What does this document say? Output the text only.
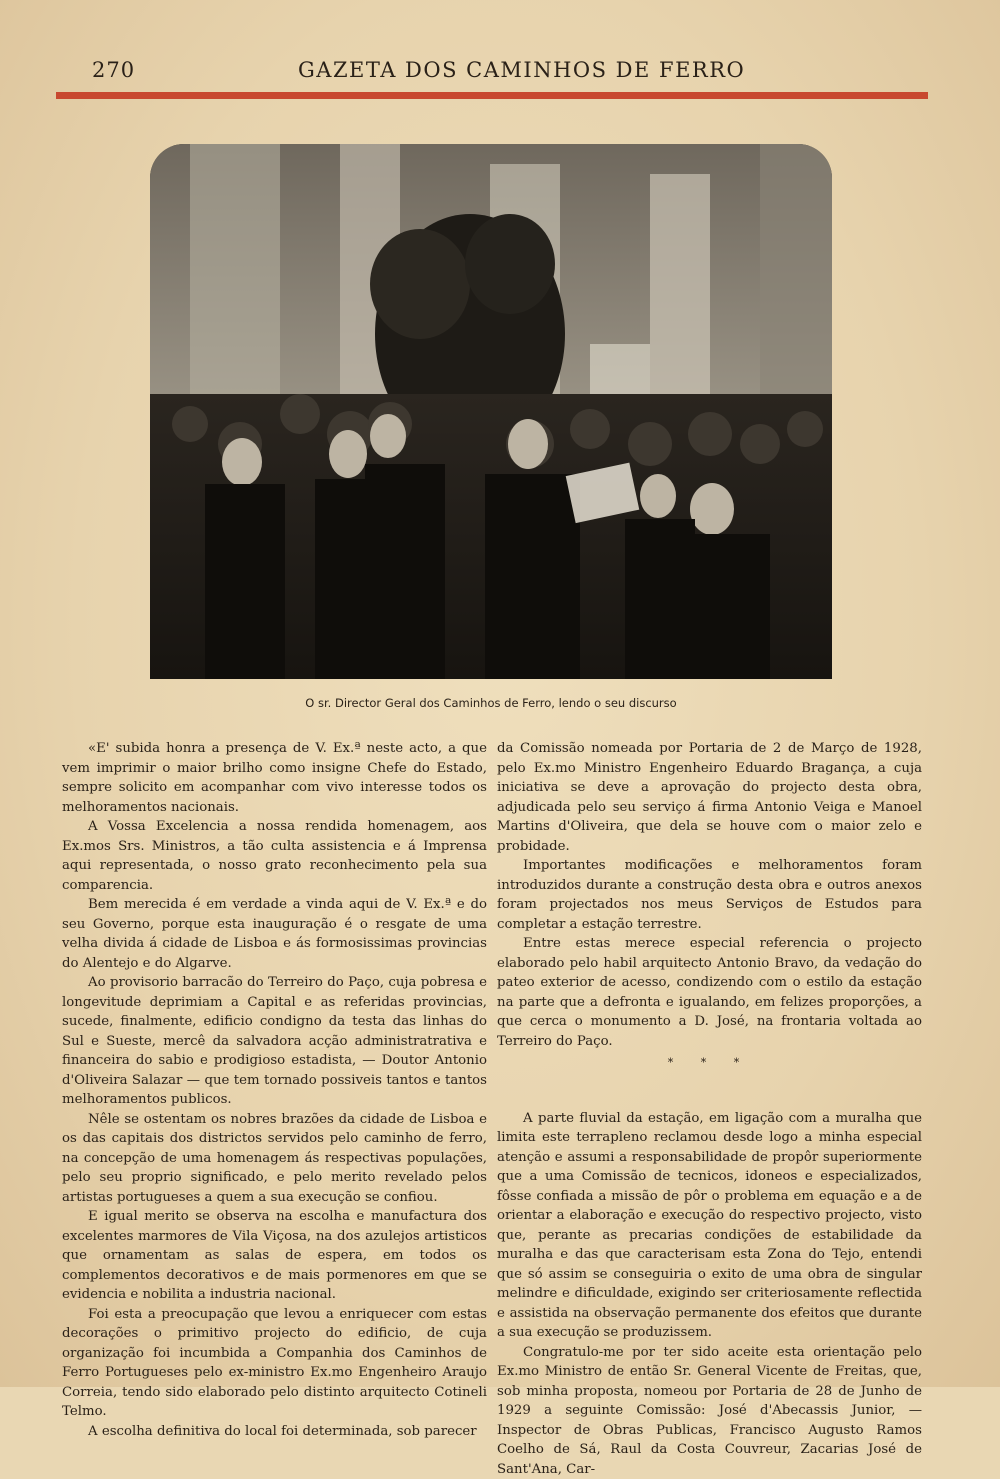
270	GAZETA DOS CAMINHOS DE FERRO
O sr. Director Geral dos Caminhos de Ferro, lendo o seu discurso

«E' subida honra a presença de V. Ex.ª neste acto, a que vem imprimir o maior brilho como insigne Chefe do Estado, sempre solicito em acompanhar com vivo interesse todos os melhoramentos nacionais.

A Vossa Excelencia a nossa rendida homenagem, aos Ex.mos Srs. Ministros, a tão culta assistencia e á Imprensa aqui representada, o nosso grato reconhecimento pela sua comparencia.

Bem merecida é em verdade a vinda aqui de V. Ex.ª e do seu Governo, porque esta inauguração é o resgate de uma velha divida á cidade de Lisboa e ás formosissimas provincias do Alentejo e do Algarve.

Ao provisorio barracão do Terreiro do Paço, cuja pobresa e longevitude deprimiam a Capital e as referidas provincias, sucede, finalmente, edificio condigno da testa das linhas do Sul e Sueste, mercê da salvadora acção administratrativa e financeira do sabio e prodigioso estadista, — Doutor Antonio d'Oliveira Salazar — que tem tornado possiveis tantos e tantos melhoramentos publicos.

Nêle se ostentam os nobres brazões da cidade de Lisboa e os das capitais dos districtos servidos pelo caminho de ferro, na concepção de uma homenagem ás respectivas populações, pelo seu proprio significado, e pelo merito revelado pelos artistas portugueses a quem a sua execução se confiou.

E igual merito se observa na escolha e manufactura dos excelentes marmores de Vila Viçosa, na dos azulejos artisticos que ornamentam as salas de espera, em todos os complementos decorativos e de mais pormenores em que se evidencia e nobilita a industria nacional.

Foi esta a preocupação que levou a enriquecer com estas decorações o primitivo projecto do edificio, de cuja organização foi incumbida a Companhia dos Caminhos de Ferro Portugueses pelo ex-ministro Ex.mo Engenheiro Araujo Correia, tendo sido elaborado pelo distinto arquitecto Cotineli Telmo.

A escolha definitiva do local foi determinada, sob parecer

da Comissão nomeada por Portaria de 2 de Março de 1928, pelo Ex.mo Ministro Engenheiro Eduardo Bragança, a cuja iniciativa se deve a aprovação do projecto desta obra, adjudicada pelo seu serviço á firma Antonio Veiga e Manoel Martins d'Oliveira, que dela se houve com o maior zelo e probidade.

Importantes modificações e melhoramentos foram introduzidos durante a construção desta obra e outros anexos foram projectados nos meus Serviços de Estudos para completar a estação terrestre.

Entre estas merece especial referencia o projecto elaborado pelo habil arquitecto Antonio Bravo, da vedação do pateo exterior de acesso, condizendo com o estilo da estação na parte que a defronta e igualando, em felizes proporções, a que cerca o monumento a D. José, na frontaria voltada ao Terreiro do Paço.

* * *

A parte fluvial da estação, em ligação com a muralha que limita este terrapleno reclamou desde logo a minha especial atenção e assumi a responsabilidade de propôr superiormente que a uma Comissão de tecnicos, idoneos e especializados, fôsse confiada a missão de pôr o problema em equação e a de orientar a elaboração e execução do respectivo projecto, visto que, perante as precarias condições de estabilidade da muralha e das que caracterisam esta Zona do Tejo, entendi que só assim se conseguiria o exito de uma obra de singular melindre e dificuldade, exigindo ser criteriosamente reflectida e assistida na observação permanente dos efeitos que durante a sua execução se produzissem.

Congratulo-me por ter sido aceite esta orientação pelo Ex.mo Ministro de então Sr. General Vicente de Freitas, que, sob minha proposta, nomeou por Portaria de 28 de Junho de 1929 a seguinte Comissão: José d'Abecassis Junior, — Inspector de Obras Publicas, Francisco Augusto Ramos Coelho de Sá, Raul da Costa Couvreur, Zacarias José de Sant'Ana, Car-
